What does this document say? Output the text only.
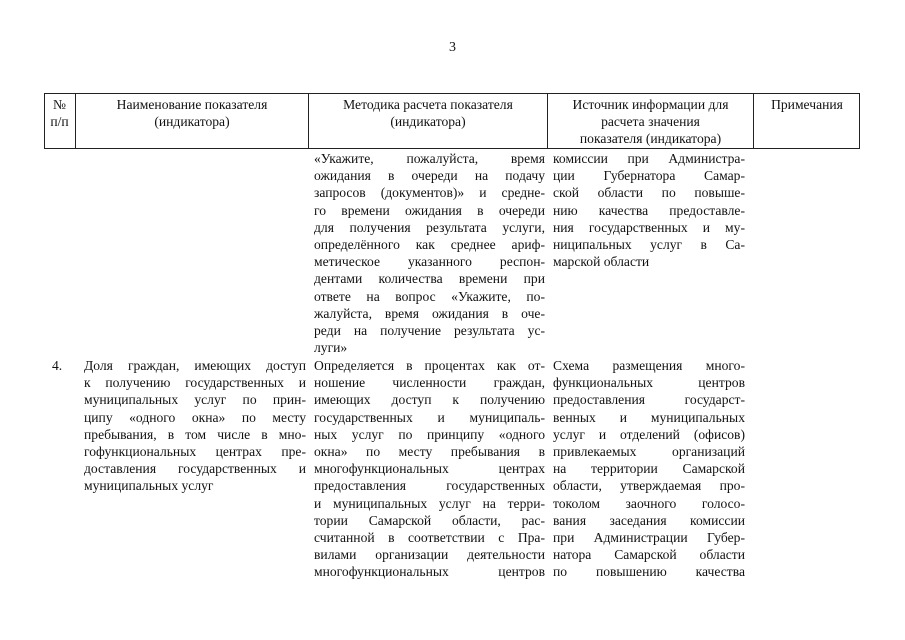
3
№
п/п
Наименование показателя
(индикатора)
Методика расчета показателя
(индикатора)
Источник информации для
расчета значения
показателя (индикатора)
Примечания
«Укажите, пожалуйста, время
ожидания в очереди на подачу
запросов (документов)» и средне-
го времени ожидания в очереди
для получения результата услуги,
определённого как среднее ариф-
метическое указанного респон-
дентами количества времени при
ответе на вопрос «Укажите, по-
жалуйста, время ожидания в оче-
реди на получение результата ус-
луги»
комиссии при Администра-
ции Губернатора Самар-
ской области по повыше-
нию качества предоставле-
ния государственных и му-
ниципальных услуг в Са-
марской области
4. Доля граждан, имеющих доступ
к получению государственных и
муниципальных услуг по прин-
ципу «одного окна» по месту
пребывания, в том числе в мно-
гофункциональных центрах пре-
доставления государственных и
муниципальных услуг
Определяется в процентах как от-
ношение численности граждан,
имеющих доступ к получению
государственных и муниципаль-
ных услуг по принципу «одного
окна» по месту пребывания в
многофункциональных центрах
предоставления государственных
и муниципальных услуг на терри-
тории Самарской области, рас-
считанной в соответствии с Пра-
вилами организации деятельности
многофункциональных центров
Схема размещения много-
функциональных центров
предоставления государст-
венных и муниципальных
услуг и отделений (офисов)
привлекаемых организаций
на территории Самарской
области, утверждаемая про-
токолом заочного голосо-
вания заседания комиссии
при Администрации Губер-
натора Самарской области
по повышению качества
